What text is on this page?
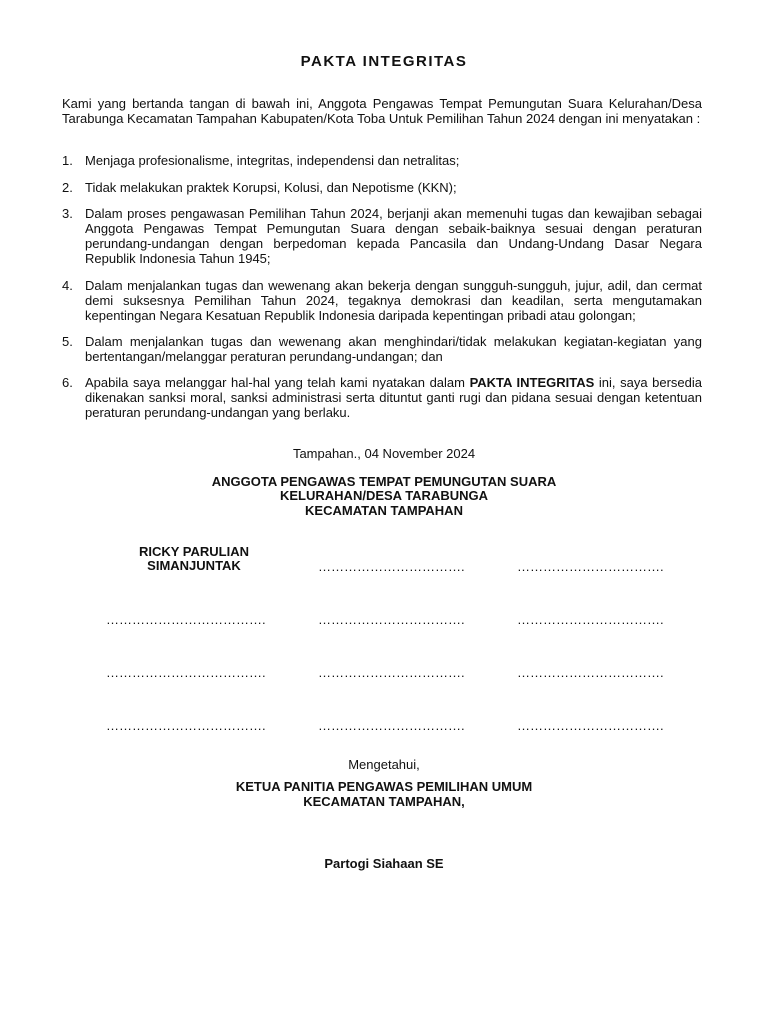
PAKTA INTEGRITAS

Kami yang bertanda tangan di bawah ini, Anggota Pengawas Tempat Pemungutan Suara Kelurahan/Desa Tarabunga Kecamatan Tampahan Kabupaten/Kota Toba Untuk Pemilihan Tahun 2024 dengan ini menyatakan :

1. Menjaga profesionalisme, integritas, independensi dan netralitas;
2. Tidak melakukan praktek Korupsi, Kolusi, dan Nepotisme (KKN);
3. Dalam proses pengawasan Pemilihan Tahun 2024, berjanji akan memenuhi tugas dan kewajiban sebagai Anggota Pengawas Tempat Pemungutan Suara dengan sebaik-baiknya sesuai dengan peraturan perundang-undangan dengan berpedoman kepada Pancasila dan Undang-Undang Dasar Negara Republik Indonesia Tahun 1945;
4. Dalam menjalankan tugas dan wewenang akan bekerja dengan sungguh-sungguh, jujur, adil, dan cermat demi suksesnya Pemilihan Tahun 2024, tegaknya demokrasi dan keadilan, serta mengutamakan kepentingan Negara Kesatuan Republik Indonesia daripada kepentingan pribadi atau golongan;
5. Dalam menjalankan tugas dan wewenang akan menghindari/tidak melakukan kegiatan-kegiatan yang bertentangan/melanggar peraturan perundang-undangan; dan
6. Apabila saya melanggar hal-hal yang telah kami nyatakan dalam PAKTA INTEGRITAS ini, saya bersedia dikenakan sanksi moral, sanksi administrasi serta dituntut ganti rugi dan pidana sesuai dengan ketentuan peraturan perundang-undangan yang berlaku.
Tampahan., 04 November 2024
ANGGOTA PENGAWAS TEMPAT PEMUNGUTAN SUARA
KELURAHAN/DESA TARABUNGA
KECAMATAN TAMPAHAN
RICKY PARULIAN
SIMANJUNTAK	…………………………….	…………………………….
……………………………….	…………………………….	…………………………….
……………………………….	…………………………….	…………………………….
……………………………….	…………………………….	…………………………….
Mengetahui,
KETUA PANITIA PENGAWAS PEMILIHAN UMUM
KECAMATAN TAMPAHAN,
Partogi Siahaan SE
